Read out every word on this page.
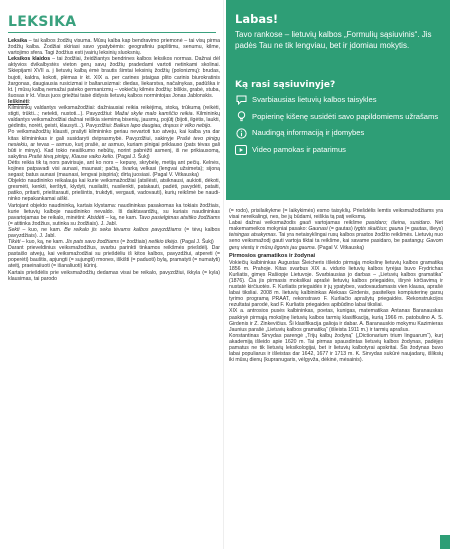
LEKSIKA

Leksika – tai kalbos žodžių visuma. Mūsų kalba kap bendravimo priemonė – tai visų pirma žodžių kalba. Žodžiai skiriasi savo ypatybėmis: geografiniu paplitimu, senumu, kilme, vartojimo sfera. Tagi žodžius esti įvairių leksinių sluoksnių.

Leksikos klaidos – tai žodžiai, žeidžiantys bendrines kalbos leksikos normas. Dažnai dėl aktyvios dvikalbystės vieton gerų savų žodžių pradedami vartoti netinkami skolinai. Skiepijami XVII a. į lietuvių kalbą ėmė brautis šimtai leksinių žodžių (polonizmų): brudas, bujoti, kaldra, kokoti, plėmas ir kt. XIX a. per carines įstaigas plito carinis biurokratinis žargonas, daugiausia rusicizmai ir baltarusizmai: diedas, liekarstva, načalnykas, padūška ir kt. Į mūsų kalbą nemažai pateko germanizmų – vokiečių kilmės žodžių: biškis, grabė, stuba, šuosas ir kt. Visus juos griežtai taisė didysis lietuvių kalbos normintojas Jonas Jablonskis.

Ieškinėti:

Kilmininkų valdantys veiksmažodžiai: dažniausiai reikia reikėjimą, stoką, trūkumą (reikėti, stigti, trūkti...; netekti, nustoti...). Pavyzdžiui: Mažai skyle malo kamščio reikia. Kilmininkų valdantys veiksmažodžiai dažnai reiškia siemimą bisenių, jausmų, pojūtį (bijoti, ilgėtis, laukti, gėdintis, norėti, geisti, klausyti...). Pavyzdžiui: Baikus lapo daugiau, drąsus ir vilko nebijo.

Po veiksmažodžių klausti, prašyti kilmininko geriau nevartoti tuo atveju, kai kalba yra dar kitas kilmininkas ir gali susidaryti dviprasmybė. Pavyzdžiui, sakinyje Prašė tevo pinigų nesiekiu, ar tevas – asmuo, kurį prašė, ar asmuo, kuriam pinigai priklauso (pats tėvas gali būti ir minys). Kad tokio neaiškumo nebūtų, norint pabrėžti asmenį, iš ne prikiausomą, sakytina Prašė tėvą pinigų, Klause vaiko kelio. (Pagal J. Šukį)

Dėtis reikia tik tą nors pavirisuje, ant ko nors – kepurę, skrybėlę, metiją ant pečių. Kelnės, kojines patpavadi visi aunasi, maunasi; pačtą, švarką velkasi (lengvai užsimeta); sijoną segasi; batus aunasi (maunasi, lengvai įsispiria); dirtą juosiasi. (Pagal V. Vitkauską)

Objekto naudininko reikalauja kai kurie veiksmažodžiai (atsilėsti, atsiknausi, aukioti, dėkoti, gresmėti, kenkti, kerštyti, klydyti, nusilašti, nusilenkti, patakauti, padėti, pavydėti, pataiti, patiko, pritarti, prieštarauti, priešintis, trukdyti, vergauti, vadovauti), kurių reikšmė be naudininko nepakankamai aiški.

Vartojant objekto naudininką, kartais klystama: naudininkas pasakomas ka tokiais žodžiais, kurie lietuvių kalboje naudininko nevaldo. Iš daiktavardžių, su kuriais naudininkas pavartojamas be reikalo, minėtini: Atsidėti – ką, ne kam. Tavo pasielgimas atsitiko žodžiams (= atitinka žodžius, sutinka su žodžiais). J. Jabl.

Sekti – kuo, ne kam. Be reikalo jis seka tėvams kalbos pavyzdžiams (= tėvų kalbos pavyzdžiais). J. Jabl.

Tikėti – kuo, ką, ne kam. Jis pats savo žodžiams (= žodžiais) netikio tikėjo. (Pagal J. Šukį)

Darant prieveldinius veiksmažodžius, svarbu parinkti tinkamos reikšmės priešdėlį. Dar pastaišo atvejų, kai veiksmažodžiai su priešdėliu iš kitos kalbos, pavyzdžiui, atpereti (= poperėti) bauštis, apjungti (= sujungti) rmones, iškišti (= paduoti) bylą, pramatyti (= numatyti) ateitį, praeinaiiuoti (= išanaliuoti) kūrinį.

Kartais priešdėlis prie veiksmažodžių dedamas visai be reikalo, pavyzdžiui, ikkyla (= kyla) klausimas, tai parodo

Labas!

Tavo rankose – lietuvių kalbos „Formulių sąsiuvinis“. Jis padės Tau ne tik lengviau, bet ir įdomiau mokytis.

Ką rasi sąsiuvinyje?
Svarbiausias lietuvių kalbos taisykles
Popierinę kišenę susidėti savo papildomiems užrašams
Naudingą informaciją ir įdomybes
Video pamokas ir patarimus

(= rodo), prisilaikykme (= laikykimės) esmo taisyklių. Priešdėlis lemtis veiksmažodžiams yra visai nereikalingi, nes, be jų būdami, reiškia tą patį veiksmą.

Labai dažnai veiksmažodis gauti vartojamas reikšme pasidaro; išeina, susidaro. Net makemameikos mokyniai pasako: Gaunasi (= gautas) lygtis skaičius; gauna (= gautas, išeys) teisingas atsakymas. Tai yra netaisyklingai rusų kalbos prastos žodžio reikšmės. Lietuvių nuo seno veiksmažodį gauti vartoja tiktai ta reikšme, kai savame pasidaro, be pastangų: Gavom gerų viestų ir mūsų ligonis jau gauma. (Pagal V. Vitkauską)

Pirmosios gramatikos ir žodynai

Vokiečių kalbininkas Augustas Šleicheris išleido pirmąją mokslinę lietuvių kalbos gramatiką 1856 m. Prahoje. Kitas svarbus XIX a. vidurio lietuvių kalbos tyrėjas buvo Frydrichas Kurliatis, gimęs Rašiopje Lietuvoje. Svarbiausias jo darbas – „Lietuvių kalbos gramatika“ (1876). Čia jis pirmasis mokslikai aprašė lietuvių kalbos priegaidės, išryrė kirčiavimą ir nustatė kirčiuotės. F. Kurliatis priegaidės ir jų ypatybes, vadovaudamasis vien klausa, aprašė labai tiksliai. 2008 m. lietuvių kalbininkas Aleksas Girdenis, pasitelkęs kompiuterinę garsų tyrimo programą PRAAT, rekonstravo F. Kurliačio aprašytų priegaidės. Rekonstrukcijos rezultatai parodė, kad F. Kurliatis priegaides apibūdino labai tiksliai.

XIX a. antrosios pusės kalbininkas, poetas, kunigas, matematikas Antanas Baranauskas paskiryė pirmąją mokslįnę lietuvių kalbos tarmių klasifikaciją, kurią 1966 m. patobulino A. S. Girdenis ir Z. Zinkevičius. Ši klasifikacija galioja ir dabar. A. Baranauskio mokymu Kazimieras Jaunius parašė „Lietuvių kalbos gramatiką“ (išleista 1911 m.) ir tarmių aprašus.

Konstantinas Sirvydas parengė „Trijų kalbų žodyną“ („Dictionarium trium linguarum“), kurį akademiją išleido apie 1620 m. Tai pirmas spausdintas lietuvių kalbos žodynas, padėjęs pamatus ne tik lietuvių leksikologijai, bet ir lietuvių kalbotyrai apskritai. Šis žodynas buvo labai populiarus ir išleistas dar 1642, 1677 ir 1713 m. K. Sirvydas sukūrė naujadarų, išliksių iki mūsų dienų (kupranugaris, vėlgyvža, dėkinė, mėsainis).
